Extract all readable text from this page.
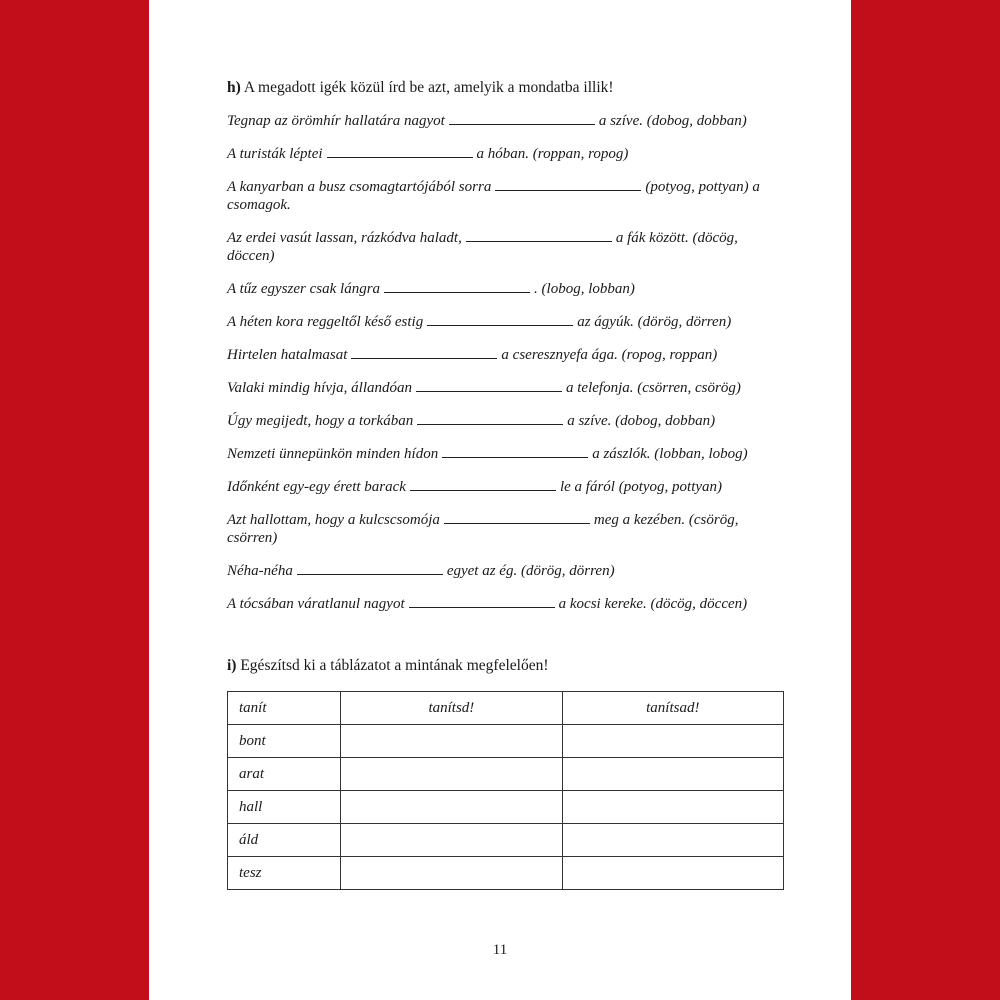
h) A megadott igék közül írd be azt, amelyik a mondatba illik!
Tegnap az örömhír hallatára nagyot	a szíve. (dobog, dobban)
A turisták léptei	a hóban. (roppan, ropog)
A kanyarban a busz csomagtartójából sorra	(potyog, pottyan) a csomagok.
Az erdei vasút lassan, rázkódva haladt,	a fák között. (döcög, döccen)
A tűz egyszer csak lángra	. (lobog, lobban)
A héten kora reggeltől késő estig	az ágyúk. (dörög, dörren)
Hirtelen hatalmasat	a cseresznyefa ága. (ropog, roppan)
Valaki mindig hívja, állandóan	a telefonja. (csörren, csörög)
Úgy megijedt, hogy a torkában	a szíve. (dobog, dobban)
Nemzeti ünnepünkön minden hídon	a zászlók. (lobban, lobog)
Időnként egy-egy érett barack	le a fáról (potyog, pottyan)
Azt hallottam, hogy a kulcscsomója	meg a kezében. (csörög, csörren)
Néha-néha	egyet az ég. (dörög, dörren)
A tócsában váratlanul nagyot	a kocsi kereke. (döcög, döccen)
i) Egészítsd ki a táblázatot a mintának megfelelően!
tanít	tanítsd!	tanítsad!
bont		
arat		
hall		
áld		
tesz		
11
